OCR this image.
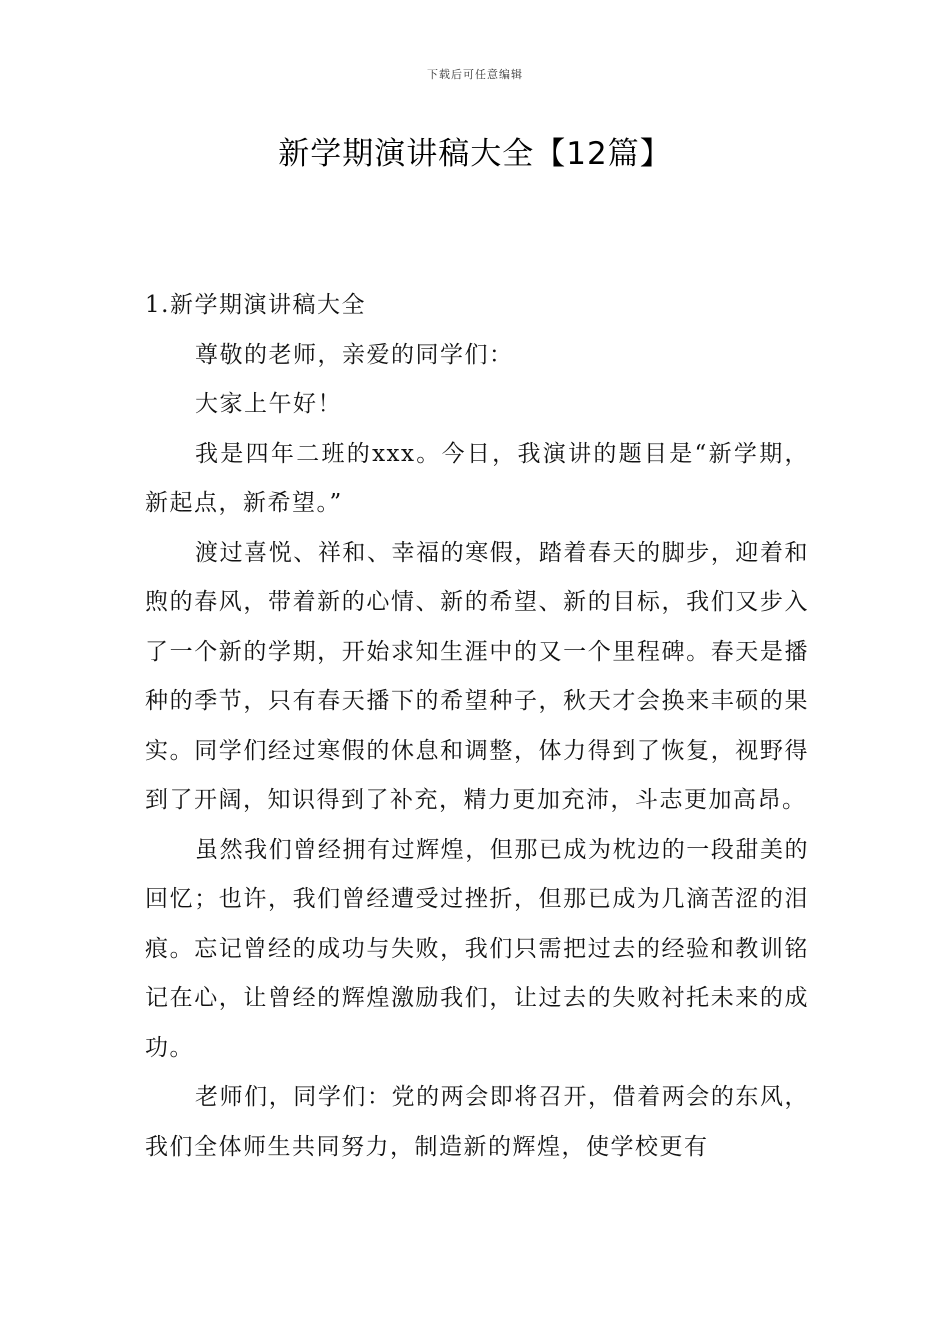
下载后可任意编辑
新学期演讲稿大全【12篇】

1.新学期演讲稿大全

尊敬的老师，亲爱的同学们：

大家上午好！

我是四年二班的xxx。今日，我演讲的题目是“新学期，新起点，新希望。”

渡过喜悦、祥和、幸福的寒假，踏着春天的脚步，迎着和煦的春风，带着新的心情、新的希望、新的目标，我们又步入了一个新的学期，开始求知生涯中的又一个里程碑。春天是播种的季节，只有春天播下的希望种子，秋天才会换来丰硕的果实。同学们经过寒假的休息和调整，体力得到了恢复，视野得到了开阔，知识得到了补充，精力更加充沛，斗志更加高昂。

虽然我们曾经拥有过辉煌，但那已成为枕边的一段甜美的回忆；也许，我们曾经遭受过挫折，但那已成为几滴苦涩的泪痕。忘记曾经的成功与失败，我们只需把过去的经验和教训铭记在心，让曾经的辉煌激励我们，让过去的失败衬托未来的成功。

老师们，同学们：党的两会即将召开，借着两会的东风，我们全体师生共同努力，制造新的辉煌，使学校更有
